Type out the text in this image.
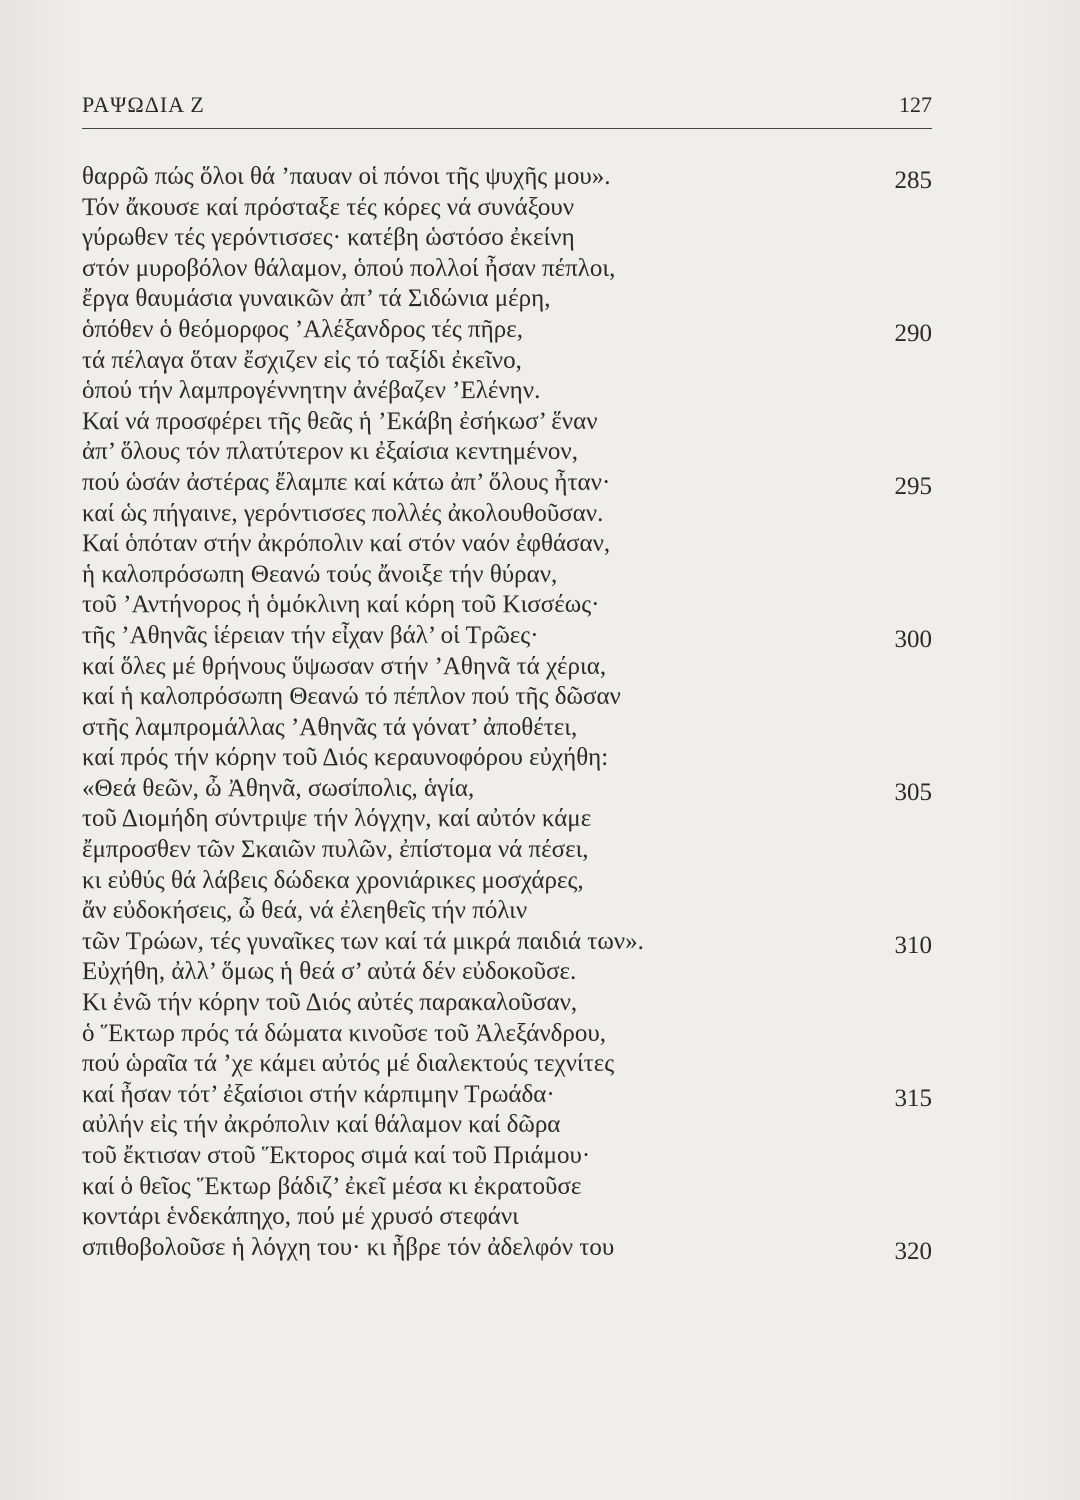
ΡΑΨΩΔΙΑ Ζ	127
θαρρῶ πώς ὅλοι θά ’παυαν οἱ πόνοι τῆς ψυχῆς μου».	285
Τόν ἄκουσε καί πρόσταξε τές κόρες νά συνάξουν
γύρωθεν τές γερόντισσες· κατέβη ὡστόσο ἐκείνη
στόν μυροβόλον θάλαμον, ὁπού πολλοί ἦσαν πέπλοι,
ἔργα θαυμάσια γυναικῶν ἀπ’ τά Σιδώνια μέρη,
ὁπόθεν ὁ θεόμορφος ’Αλέξανδρος τές πῆρε,	290
τά πέλαγα ὅταν ἔσχιζεν εἰς τό ταξίδι ἐκεῖνο,
ὁπού τήν λαμπρογέννητην ἀνέβαζεν ’Ελένην.
Καί νά προσφέρει τῆς θεᾶς ἡ ’Εκάβη ἐσήκωσ’ ἕναν
ἀπ’ ὅλους τόν πλατύτερον κι ἐξαίσια κεντημένον,
πού ὡσάν ἀστέρας ἔλαμπε καί κάτω ἀπ’ ὅλους ἦταν·	295
καί ὡς πήγαινε, γερόντισσες πολλές ἀκολουθοῦσαν.
Καί ὁπόταν στήν ἀκρόπολιν καί στόν ναόν ἐφθάσαν,
ἡ καλοπρόσωπη Θεανώ τούς ἄνοιξε τήν θύραν,
τοῦ ’Αντήνορος ἡ ὁμόκλινη καί κόρη τοῦ Κισσέως·
τῆς ’Αθηνᾶς ἱέρειαν τήν εἶχαν βάλ’ οἱ Τρῶες·	300
καί ὅλες μέ θρήνους ὕψωσαν στήν ’Αθηνᾶ τά χέρια,
καί ἡ καλοπρόσωπη Θεανώ τό πέπλον πού τῆς δῶσαν
στῆς λαμπρομάλλας ’Αθηνᾶς τά γόνατ’ ἀποθέτει,
καί πρός τήν κόρην τοῦ Διός κεραυνοφόρου εὐχήθη:
«Θεά θεῶν, ὦ Ἀθηνᾶ, σωσίπολις, ἁγία,	305
τοῦ Διομήδη σύντριψε τήν λόγχην, καί αὐτόν κάμε
ἔμπροσθεν τῶν Σκαιῶν πυλῶν, ἐπίστομα νά πέσει,
κι εὐθύς θά λάβεις δώδεκα χρονιάρικες μοσχάρες,
ἄν εὐδοκήσεις, ὦ θεά, νά ἐλεηθεῖς τήν πόλιν
τῶν Τρώων, τές γυναῖκες των καί τά μικρά παιδιά των».	310
Εὐχήθη, ἀλλ’ ὅμως ἡ θεά σ’ αὐτά δέν εὐδοκοῦσε.
Κι ἐνῶ τήν κόρην τοῦ Διός αὐτές παρακαλοῦσαν,
ὁ Ἕκτωρ πρός τά δώματα κινοῦσε τοῦ Ἀλεξάνδρου,
πού ὡραῖα τά ’χε κάμει αὐτός μέ διαλεκτούς τεχνίτες
καί ἦσαν τότ’ ἐξαίσιοι στήν κάρπιμην Τρωάδα·	315
αὐλήν εἰς τήν ἀκρόπολιν καί θάλαμον καί δῶρα
τοῦ ἔκτισαν στοῦ Ἕκτορος σιμά καί τοῦ Πριάμου·
καί ὁ θεῖος Ἕκτωρ βάδιζ’ ἐκεῖ μέσα κι ἐκρατοῦσε
κοντάρι ἑνδεκάπηχο, πού μέ χρυσό στεφάνι
σπιθοβολοῦσε ἡ λόγχη του· κι ἦβρε τόν ἀδελφόν του	320
